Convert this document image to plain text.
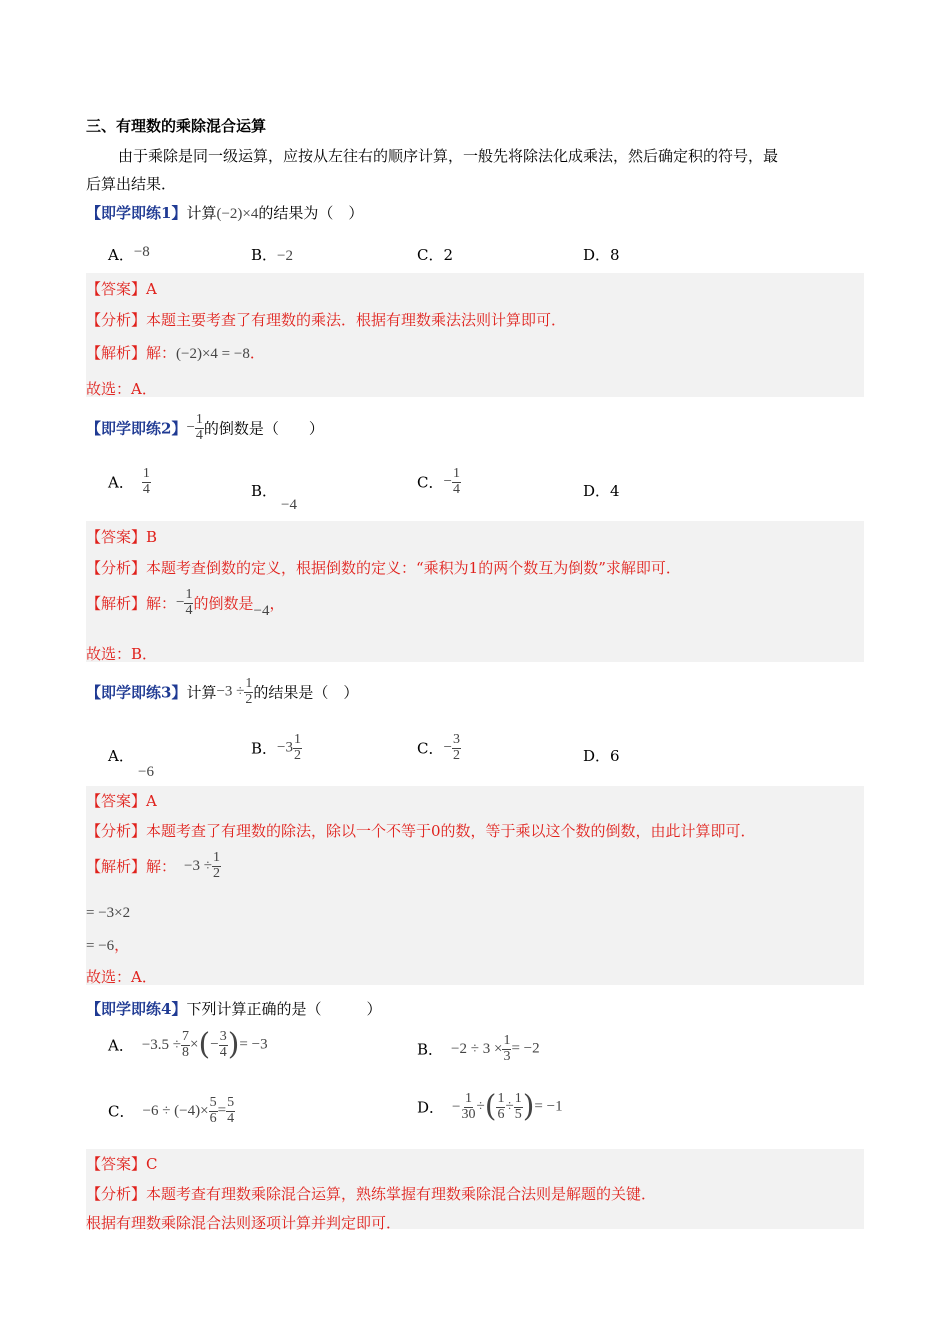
三、有理数的乘除混合运算
由于乘除是同一级运算，应按从左往右的顺序计算，一般先将除法化成乘法，然后确定积的符号，最
后算出结果．
【即学即练1】计算(−2)×4的结果为（　）
A．−8	B．−2	C．2	D．8
【答案】A
【分析】本题主要考查了有理数的乘法．根据有理数乘法法则计算即可．
【解析】解：(−2)×4 = −8．
故选：A．
【即学即练2】− $\frac{1}{4}$ 的倒数是（　　）
A． $\frac{1}{4}$	B．
−4
C．− $\frac{1}{4}$	D．4
【答案】B
【分析】本题考查倒数的定义，根据倒数的定义：“乘积为1的两个数互为倒数”求解即可．
【解析】解：− $\frac{1}{4}$ 的倒数是−4，
故选：B．
【即学即练3】计算$-3 \div \frac{1}{2}$ 的结果是（　）
A．
−6
B．$-3 \frac{1}{2}$	C．− $\frac{3}{2}$	D．6
【答案】A
【分析】本题考查了有理数的除法，除以一个不等于0的数，等于乘以这个数的倒数，由此计算即可．
【解析】解： $-3 \div \frac{1}{2}$
= −3×2
= −6，
故选：A．
【即学即练4】下列计算正确的是（　　　）
A． $-3.5 \div \frac{7}{8}$ ×(− $\frac{3}{4}$ )= −3	B． $-2 \div 3 \times \frac{1}{3} = -2$
C． $-6 \div (-4)\times \frac{5}{6} = \frac{5}{4}$	D． − $\frac{1}{30}$ ÷( $\frac{1}{6} \div \frac{1}{5}$ )= −1
【答案】C
【分析】本题考查有理数乘除混合运算，熟练掌握有理数乘除混合法则是解题的关键．
根据有理数乘除混合法则逐项计算并判定即可．
